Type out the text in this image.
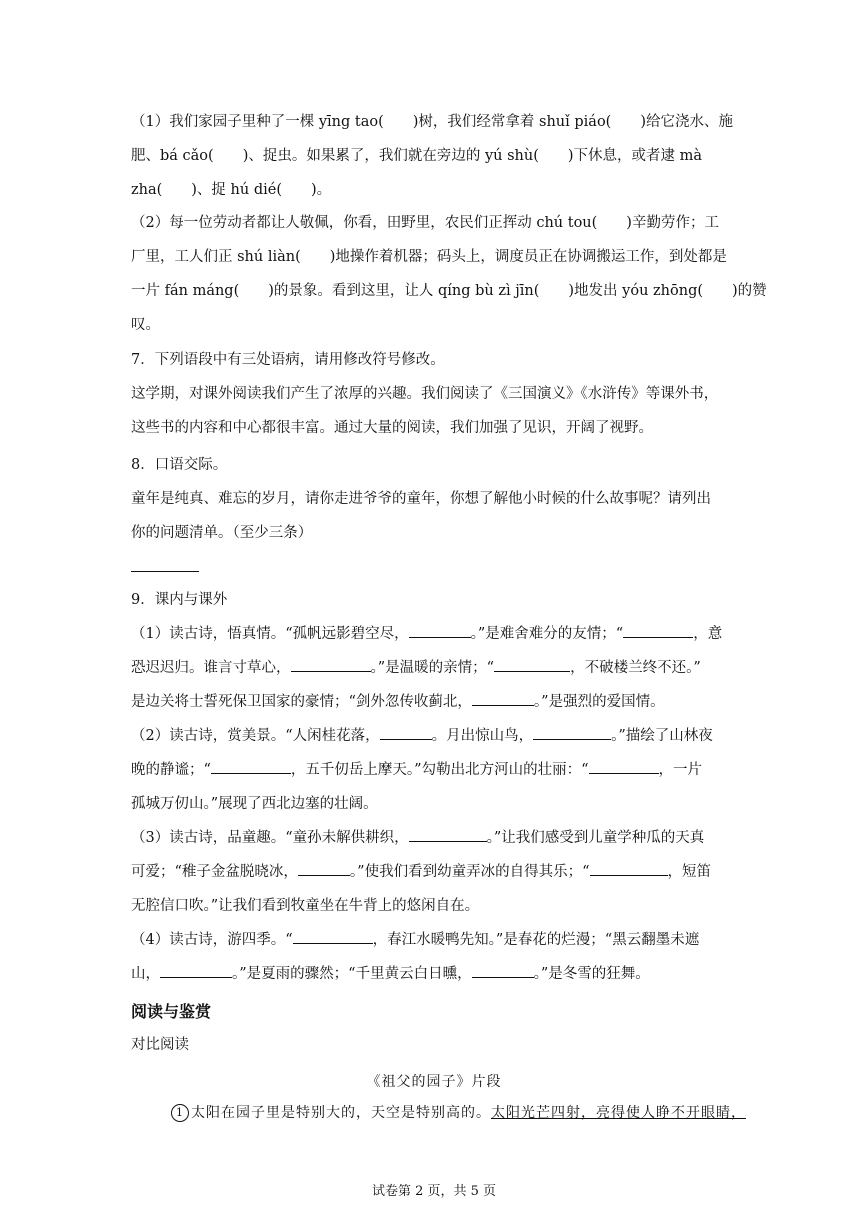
（1）我们家园子里种了一棵 yīng tao(　　)树，我们经常拿着 shuǐ piáo(　　)给它浇水、施
肥、bá cǎo(　　)、捉虫。如果累了，我们就在旁边的 yú shù(　　)下休息，或者逮 mà
zha(　　)、捉 hú dié(　　)。
（2）每一位劳动者都让人敬佩，你看，田野里，农民们正挥动 chú tou(　　)辛勤劳作；工
厂里，工人们正 shú liàn(　　)地操作着机器；码头上，调度员正在协调搬运工作，到处都是
一片 fán máng(　　)的景象。看到这里，让人 qíng bù zì jīn(　　)地发出 yóu zhōng(　　)的赞
叹。
7．下列语段中有三处语病，请用修改符号修改。
这学期，对课外阅读我们产生了浓厚的兴趣。我们阅读了《三国演义》《水浒传》等课外书，
这些书的内容和中心都很丰富。通过大量的阅读，我们加强了见识，开阔了视野。
8．口语交际。
童年是纯真、难忘的岁月，请你走进爷爷的童年，你想了解他小时候的什么故事呢？请列出
你的问题清单。（至少三条）
9．课内与课外
（1）读古诗，悟真情。“孤帆远影碧空尽，	。”是难舍难分的友情；“	，意
恐迟迟归。谁言寸草心，	。”是温暖的亲情；“	，不破楼兰终不还。”
是边关将士誓死保卫国家的豪情；“剑外忽传收蓟北，	。”是强烈的爱国情。
（2）读古诗，赏美景。“人闲桂花落，	。月出惊山鸟，	。”描绘了山林夜
晚的静谧；“	，五千仞岳上摩天。”勾勒出北方河山的壮丽：“	，一片
孤城万仞山。”展现了西北边塞的壮阔。
（3）读古诗，品童趣。“童孙未解供耕织，	。”让我们感受到儿童学种瓜的天真
可爱；“稚子金盆脱晓冰，	。”使我们看到幼童弄冰的自得其乐；“	，短笛
无腔信口吹。”让我们看到牧童坐在牛背上的悠闲自在。
（4）读古诗，游四季。“	，春江水暖鸭先知。”是春花的烂漫；“黑云翻墨未遮
山，	。”是夏雨的骤然；“千里黄云白日曛，	。”是冬雪的狂舞。
阅读与鉴赏
对比阅读
《祖父的园子》片段
1 太阳在园子里是特别大的，天空是特别高的。太阳光芒四射，亮得使人睁不开眼睛，
试卷第 2 页，共 5 页
